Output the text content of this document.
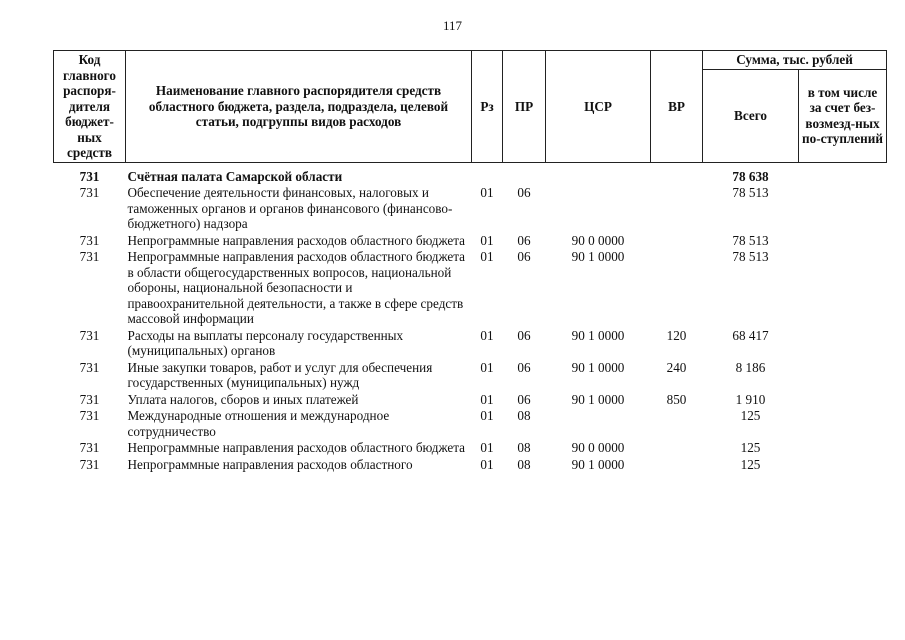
117
Код главного распоря-дителя бюджет-ных средств	Наименование главного распорядителя средств областного бюджета, раздела, подраздела, целевой статьи, подгруппы видов расходов	Рз	ПР	ЦСР	ВР	Сумма, тыс. рублей	
						Всего	в том числе за счет без-возмезд-ных по-ступлений
731	Счётная палата Самарской области					78 638	
731	Обеспечение деятельности финансовых, налоговых и таможенных органов и органов финансового (финансово-бюджетного) надзора	01	06			78 513	
731	Непрограммные направления расходов областного бюджета	01	06	90 0 0000		78 513	
731	Непрограммные направления расходов областного бюджета в области общегосударственных вопросов, национальной обороны, национальной безопасности и правоохранительной деятельности, а также в сфере средств массовой информации	01	06	90 1 0000		78 513	
731	Расходы на выплаты персоналу государственных (муниципальных) органов	01	06	90 1 0000	120	68 417	
731	Иные закупки товаров, работ и услуг для обеспечения государственных (муниципальных) нужд	01	06	90 1 0000	240	8 186	
731	Уплата налогов, сборов и иных платежей	01	06	90 1 0000	850	1 910	
731	Международные отношения и международное сотрудничество	01	08			125	
731	Непрограммные направления расходов областного бюджета	01	08	90 0 0000		125	
731	Непрограммные направления расходов областного	01	08	90 1 0000		125	
